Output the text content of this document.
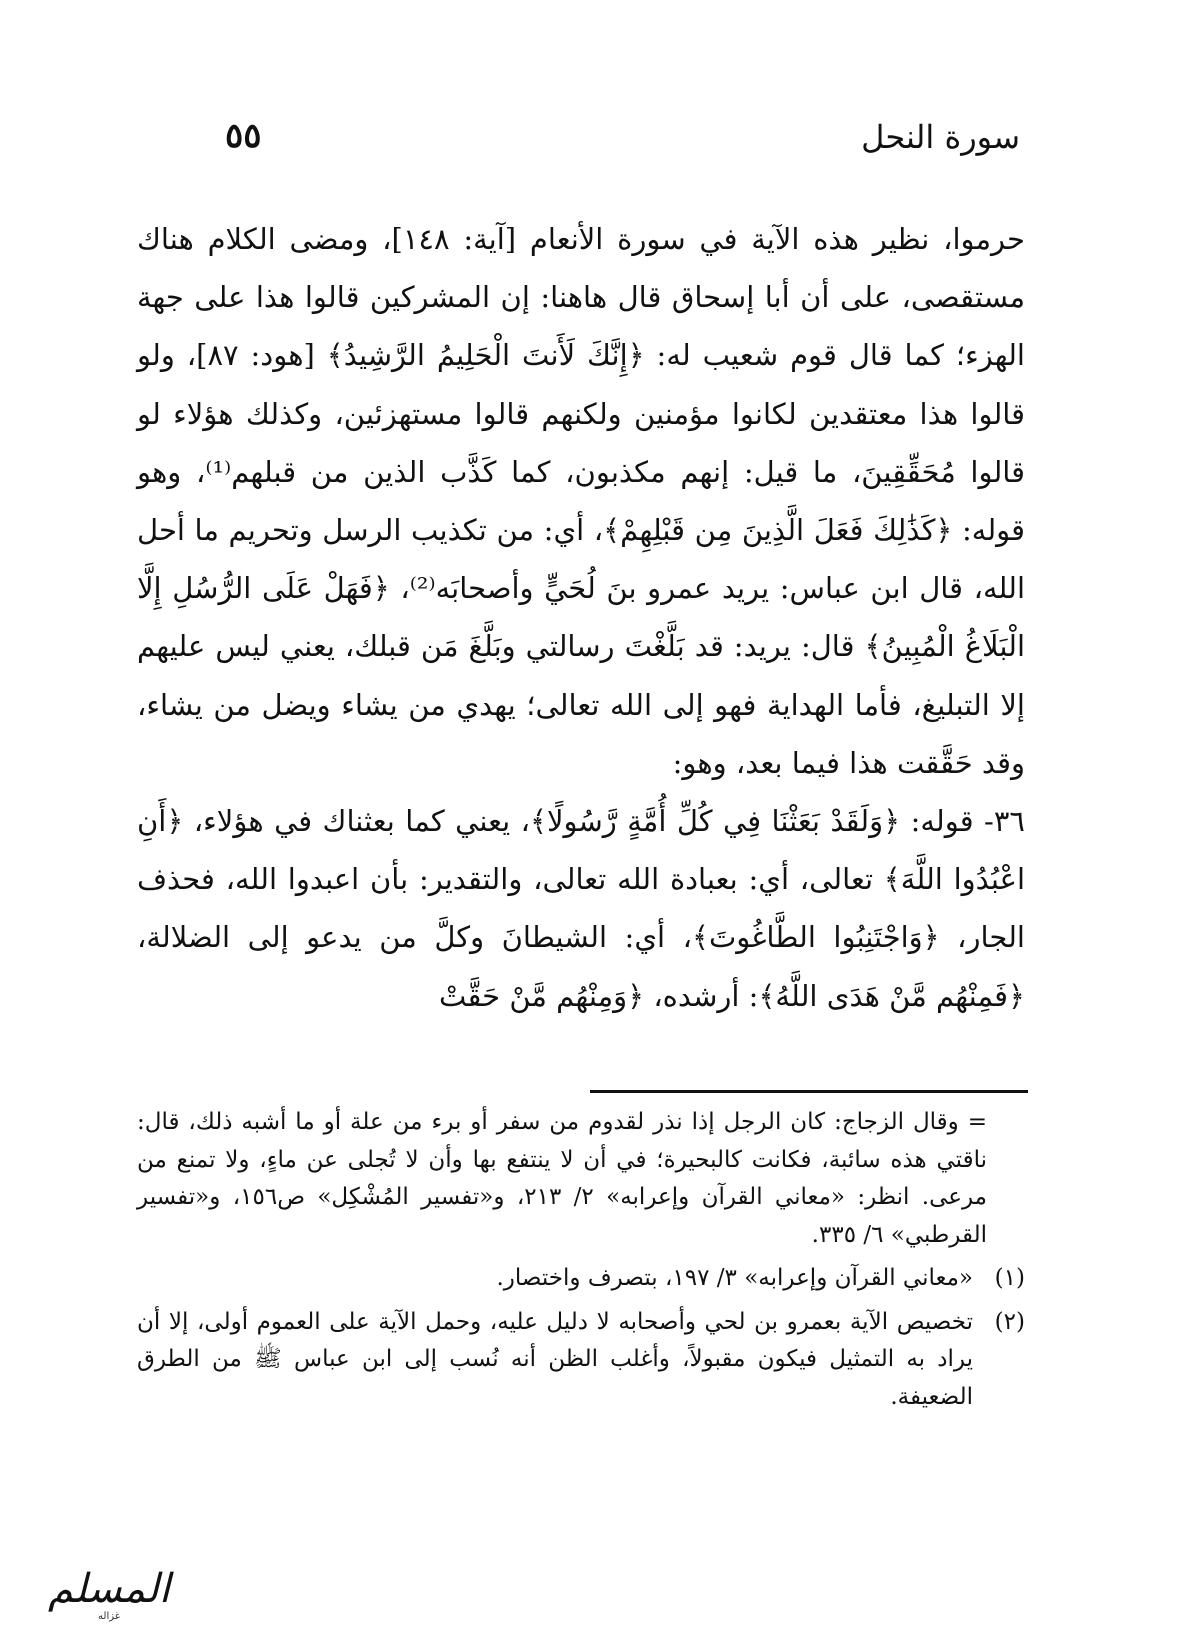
سورة النحل
٥٥

حرموا، نظير هذه الآية في سورة الأنعام [آية: ١٤٨]، ومضى الكلام هناك مستقصى، على أن أبا إسحاق قال هاهنا: إن المشركين قالوا هذا على جهة الهزء؛ كما قال قوم شعيب له: ﴿إِنَّكَ لَأَنتَ الْحَلِيمُ الرَّشِيدُ﴾ [هود: ٨٧]، ولو قالوا هذا معتقدين لكانوا مؤمنين ولكنهم قالوا مستهزئين، وكذلك هؤلاء لو قالوا مُحَقِّقِينَ، ما قيل: إنهم مكذبون، كما كَذَّب الذين من قبلهم⁽¹⁾، وهو قوله: ﴿كَذَٰلِكَ فَعَلَ الَّذِينَ مِن قَبْلِهِمْ﴾، أي: من تكذيب الرسل وتحريم ما أحل الله، قال ابن عباس: يريد عمرو بنَ لُحَيٍّ وأصحابَه⁽²⁾، ﴿فَهَلْ عَلَى الرُّسُلِ إِلَّا الْبَلَاغُ الْمُبِينُ﴾ قال: يريد: قد بَلَّغْتَ رسالتي وبَلَّغَ مَن قبلك، يعني ليس عليهم إلا التبليغ، فأما الهداية فهو إلى الله تعالى؛ يهدي من يشاء ويضل من يشاء، وقد حَقَّقت هذا فيما بعد، وهو:

٣٦- قوله: ﴿وَلَقَدْ بَعَثْنَا فِي كُلِّ أُمَّةٍ رَّسُولًا﴾، يعني كما بعثناك في هؤلاء، ﴿أَنِ اعْبُدُوا اللَّهَ﴾ تعالى، أي: بعبادة الله تعالى، والتقدير: بأن اعبدوا الله، فحذف الجار، ﴿وَاجْتَنِبُوا الطَّاغُوتَ﴾، أي: الشيطانَ وكلَّ من يدعو إلى الضلالة، ﴿فَمِنْهُم مَّنْ هَدَى اللَّهُ﴾: أرشده، ﴿وَمِنْهُم مَّنْ حَقَّتْ

= وقال الزجاج: كان الرجل إذا نذر لقدوم من سفر أو برء من علة أو ما أشبه ذلك، قال: ناقتي هذه سائبة، فكانت كالبحيرة؛ في أن لا ينتفع بها وأن لا تُجلى عن ماءٍ، ولا تمنع من مرعى. انظر: «معاني القرآن وإعرابه» ٢/ ٢١٣، و«تفسير المُشْكِل» ص١٥٦، و«تفسير القرطبي» ٦/ ٣٣٥.
(١)
«معاني القرآن وإعرابه» ٣/ ١٩٧، بتصرف واختصار.
(٢)
تخصيص الآية بعمرو بن لحي وأصحابه لا دليل عليه، وحمل الآية على العموم أولى، إلا أن يراد به التمثيل فيكون مقبولاً، وأغلب الظن أنه نُسب إلى ابن عباس ﷺ من الطرق الضعيفة.
المسلم
غزاله
